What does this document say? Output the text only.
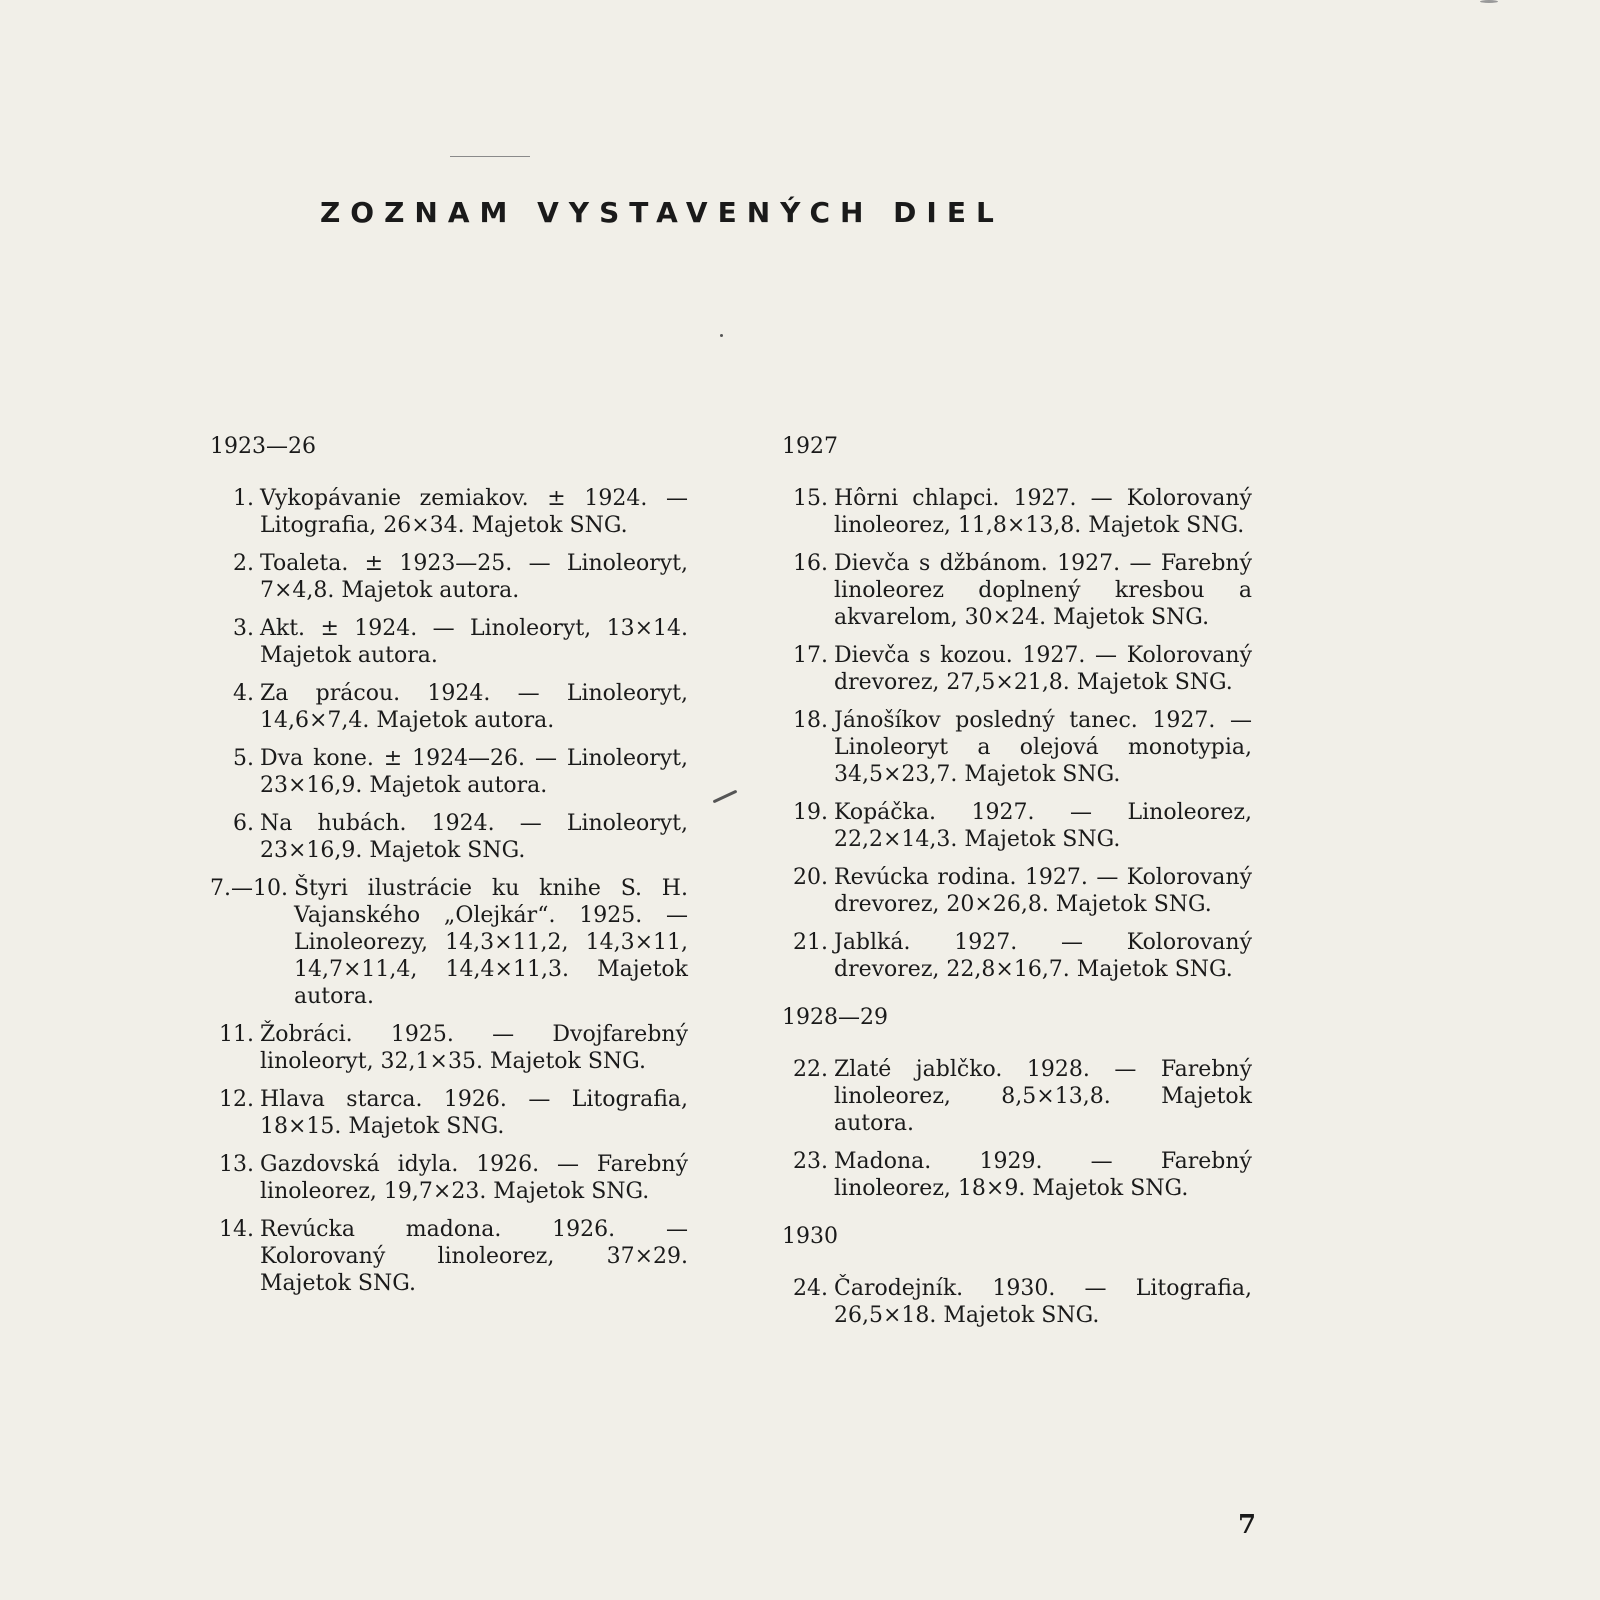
ZOZNAM VYSTAVENÝCH DIEL
1923—26
1. Vykopávanie zemiakov. ± 1924. — Litografia, 26×34. Majetok SNG.
2. Toaleta. ± 1923—25. — Linoleoryt, 7×4,8. Majetok autora.
3. Akt. ± 1924. — Linoleoryt, 13×14. Majetok autora.
4. Za prácou. 1924. — Linoleoryt, 14,6×7,4. Majetok autora.
5. Dva kone. ± 1924—26. — Linoleoryt, 23×16,9. Majetok autora.
6. Na hubách. 1924. — Linoleoryt, 23×16,9. Majetok SNG.
7.—10. Štyri ilustrácie ku knihe S. H. Vajanského „Olejkár“. 1925. — Linoleorezy, 14,3×11,2, 14,3×11, 14,7×11,4, 14,4×11,3. Majetok autora.
11. Žobráci. 1925. — Dvojfarebný linoleoryt, 32,1×35. Majetok SNG.
12. Hlava starca. 1926. — Litografia, 18×15. Majetok SNG.
13. Gazdovská idyla. 1926. — Farebný linoleorez, 19,7×23. Majetok SNG.
14. Revúcka madona. 1926. — Kolorovaný linoleorez, 37×29. Majetok SNG.
1927
15. Hôrni chlapci. 1927. — Kolorovaný linoleorez, 11,8×13,8. Majetok SNG.
16. Dievča s džbánom. 1927. — Farebný linoleorez doplnený kresbou a akvarelom, 30×24. Majetok SNG.
17. Dievča s kozou. 1927. — Kolorovaný drevorez, 27,5×21,8. Majetok SNG.
18. Jánošíkov posledný tanec. 1927. — Linoleoryt a olejová monotypia, 34,5×23,7. Majetok SNG.
19. Kopáčka. 1927. — Linoleorez, 22,2×14,3. Majetok SNG.
20. Revúcka rodina. 1927. — Kolorovaný drevorez, 20×26,8. Majetok SNG.
21. Jablká. 1927. — Kolorovaný drevorez, 22,8×16,7. Majetok SNG.
1928—29
22. Zlaté jablčko. 1928. — Farebný linoleorez, 8,5×13,8. Majetok autora.
23. Madona. 1929. — Farebný linoleorez, 18×9. Majetok SNG.
1930
24. Čarodejník. 1930. — Litografia, 26,5×18. Majetok SNG.
7
